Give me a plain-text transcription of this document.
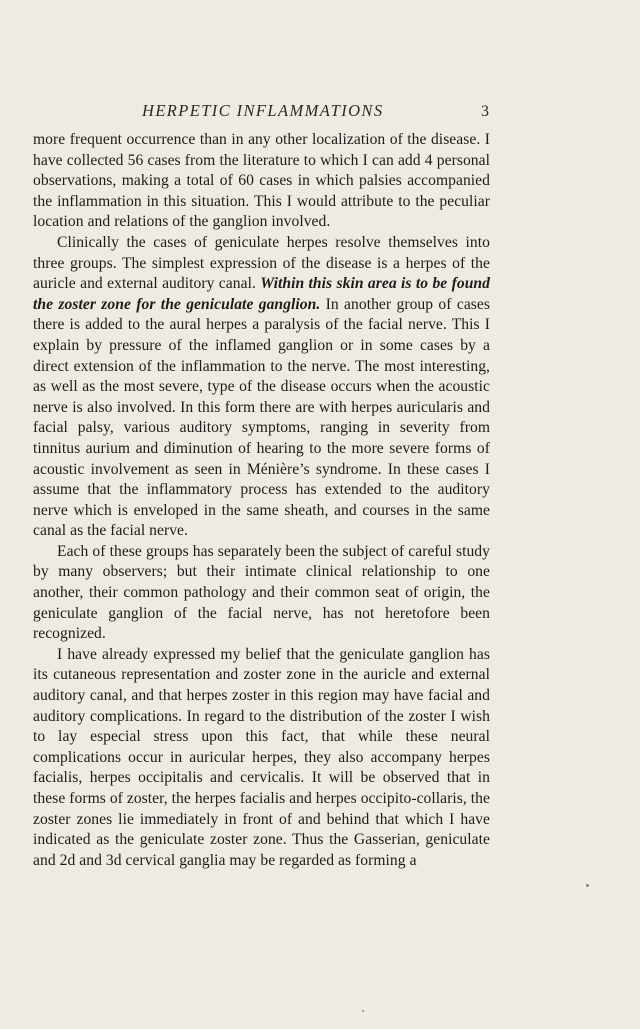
HERPETIC INFLAMMATIONS	3

more frequent occurrence than in any other localization of the disease. I have collected 56 cases from the literature to which I can add 4 personal observations, making a total of 60 cases in which palsies accompanied the inflammation in this situation. This I would attribute to the peculiar location and relations of the ganglion involved.

Clinically the cases of geniculate herpes resolve themselves into three groups. The simplest expression of the disease is a herpes of the auricle and external auditory canal. Within this skin area is to be found the zoster zone for the geniculate ganglion. In another group of cases there is added to the aural herpes a paralysis of the facial nerve. This I explain by pressure of the inflamed ganglion or in some cases by a direct extension of the inflammation to the nerve. The most interesting, as well as the most severe, type of the disease occurs when the acoustic nerve is also involved. In this form there are with herpes auricularis and facial palsy, various auditory symptoms, ranging in severity from tinnitus aurium and diminution of hearing to the more severe forms of acoustic involvement as seen in Ménière’s syndrome. In these cases I assume that the inflammatory process has extended to the auditory nerve which is enveloped in the same sheath, and courses in the same canal as the facial nerve.

Each of these groups has separately been the subject of careful study by many observers; but their intimate clinical relationship to one another, their common pathology and their common seat of origin, the geniculate ganglion of the facial nerve, has not heretofore been recognized.

I have already expressed my belief that the geniculate ganglion has its cutaneous representation and zoster zone in the auricle and external auditory canal, and that herpes zoster in this region may have facial and auditory complications. In regard to the distribution of the zoster I wish to lay especial stress upon this fact, that while these neural complications occur in auricular herpes, they also accompany herpes facialis, herpes occipitalis and cervicalis. It will be observed that in these forms of zoster, the herpes facialis and herpes occipito-collaris, the zoster zones lie immediately in front of and behind that which I have indicated as the geniculate zoster zone. Thus the Gasserian, geniculate and 2d and 3d cervical ganglia may be regarded as forming a
